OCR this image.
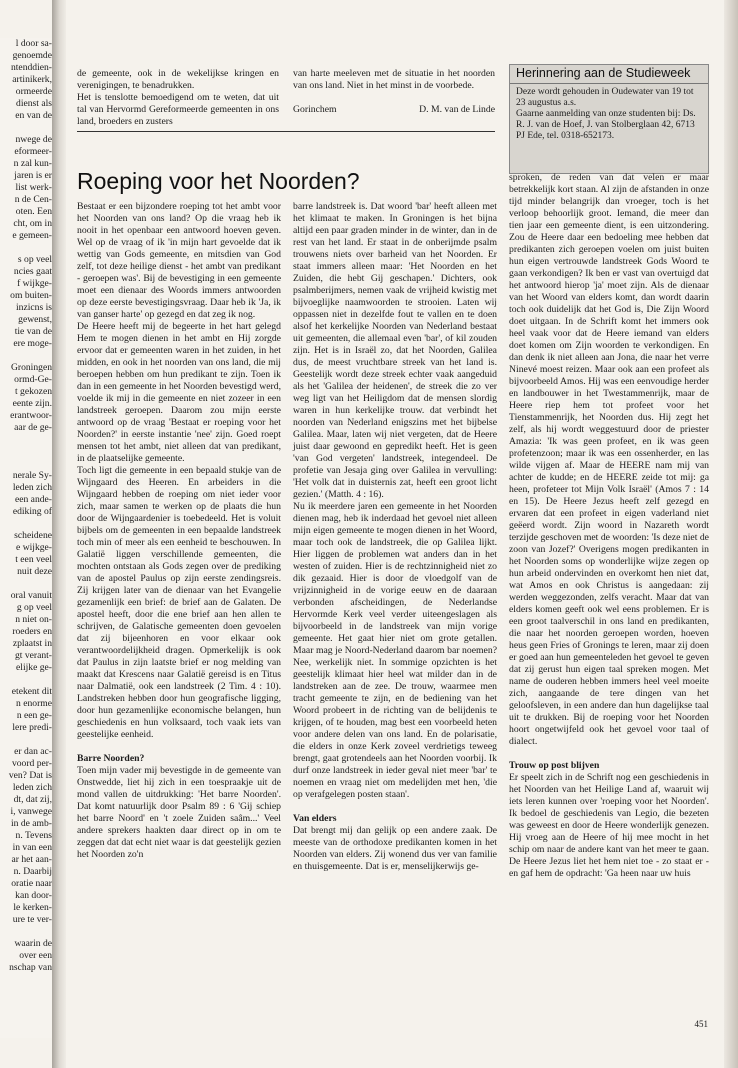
l door sa-

genoemde

ntenddien-

artinikerk,

ormeerde

dienst als

en van de

nwege de

eformeer-

n zal kun-

jaren is er

list werk-

n de Cen-

oten. Een

cht, om in

e gemeen-

s op veel

ncies gaat

f wijkge-

om buiten-

inzicns is

gewenst,

tie van de

ere moge-

Groningen

ormd-Ge-

t gekozen

eente zijn.

erantwoor-

aar de ge-

nerale Sy-

leden zich

een ande-

ediking of

scheidene

e wijkge-

t een veel

nuit deze

oral vanuit

g op veel

n niet on-

roeders en

zplaatst in

gt verant-

elijke ge-

etekent dit

n enorme

n een ge-

lere predi-

er dan ac-

voord per-

ven? Dat is

leden zich

dt, dat zij,

i, vanwege

in de amb-

n. Tevens

in van een

ar het aan-

n. Daarbij

oratie naar

kan door-

le kerken-

ure te ver-

waarin de

over een

nschap van

de gemeente, ook in de wekelijkse kringen en verenigingen, te benadrukken.

Het is tenslotte bemoedigend om te weten, dat uit tal van Hervormd Gereformeerde gemeenten in ons land, broeders en zusters

van harte meeleven met de situatie in het noorden van ons land. Niet in het minst in de voorbede.

Gorinchem	D. M. van de Linde
Herinnering aan de Studieweek

Deze wordt gehouden in Oudewater van 19 tot 23 augustus a.s.

Gaarne aanmelding van onze studenten bij: Ds. R. J. van de Hoef, J. van Stolberglaan 42, 6713 PJ Ede, tel. 0318-652173.

Roeping voor het Noorden?

Bestaat er een bijzondere roeping tot het ambt voor het Noorden van ons land? Op die vraag heb ik nooit in het openbaar een antwoord hoeven geven. Wel op de vraag of ik 'in mijn hart gevoelde dat ik wettig van Gods gemeente, en mitsdien van God zelf, tot deze heilige dienst - het ambt van predikant - geroepen was'. Bij de bevestiging in een gemeente moet een dienaar des Woords immers antwoorden op deze eerste bevestigingsvraag. Daar heb ik 'Ja, ik van ganser harte' op gezegd en dat zeg ik nog.

De Heere heeft mij de begeerte in het hart gelegd Hem te mogen dienen in het ambt en Hij zorgde ervoor dat er gemeenten waren in het zuiden, in het midden, en ook in het noorden van ons land, die mij beroepen hebben om hun predikant te zijn. Toen ik dan in een gemeente in het Noorden bevestigd werd, voelde ik mij in die gemeente en niet zozeer in een landstreek geroepen. Daarom zou mijn eerste antwoord op de vraag 'Bestaat er roeping voor het Noorden?' in eerste instantie 'nee' zijn. Goed roept mensen tot het ambt, niet alleen dat van predikant, in de plaatselijke gemeente.

Toch ligt die gemeente in een bepaald stukje van de Wijngaard des Heeren. En arbeiders in die Wijngaard hebben de roeping om niet ieder voor zich, maar samen te werken op de plaats die hun door de Wijngaardenier is toebedeeld. Het is voluit bijbels om de gemeenten in een bepaalde landstreek toch min of meer als een eenheid te beschouwen. In Galatië liggen verschillende gemeenten, die mochten ontstaan als Gods zegen over de prediking van de apostel Paulus op zijn eerste zendingsreis. Zij krijgen later van de dienaar van het Evangelie gezamenlijk een brief: de brief aan de Galaten. De apostel heeft, door die ene brief aan hen allen te schrijven, de Galatische gemeenten doen gevoelen dat zij bijeenhoren en voor elkaar ook verantwoordelijkheid dragen. Opmerkelijk is ook dat Paulus in zijn laatste brief er nog melding van maakt dat Krescens naar Galatië gereisd is en Titus naar Dalmatië, ook een landstreek (2 Tim. 4 : 10). Landstreken hebben door hun geografische ligging, door hun gezamenlijke economische belangen, hun geschiedenis en hun volksaard, toch vaak iets van geestelijke eenheid.

Barre Noorden?

Toen mijn vader mij bevestigde in de gemeente van Onstwedde, liet hij zich in een toespraakje uit de mond vallen de uitdrukking: 'Het barre Noorden'. Dat komt natuurlijk door Psalm 89 : 6 'Gij schiep het barre Noord' en 't zoele Zuiden saâm...' Veel andere sprekers haakten daar direct op in om te zeggen dat dat echt niet waar is dat geestelijk gezien het Noorden zo'n

barre landstreek is. Dat woord 'bar' heeft alleen met het klimaat te maken. In Groningen is het bijna altijd een paar graden minder in de winter, dan in de rest van het land. Er staat in de onberijmde psalm trouwens niets over barheid van het Noorden. Er staat immers alleen maar: 'Het Noorden en het Zuiden, die hebt Gij geschapen.' Dichters, ook psalmberijmers, nemen vaak de vrijheid kwistig met bijvoeglijke naamwoorden te strooien. Laten wij oppassen niet in dezelfde fout te vallen en te doen alsof het kerkelijke Noorden van Nederland bestaat uit gemeenten, die allemaal even 'bar', of kil zouden zijn. Het is in Israël zo, dat het Noorden, Galilea dus, de meest vruchtbare streek van het land is. Geestelijk wordt deze streek echter vaak aangeduid als het 'Galilea der heidenen', de streek die zo ver weg ligt van het Heiligdom dat de mensen slordig waren in hun kerkelijke trouw. dat verbindt het noorden van Nederland enigszins met het bijbelse Galilea. Maar, laten wij niet vergeten, dat de Heere juist daar gewoond en gepredikt heeft. Het is geen 'van God vergeten' landstreek, integendeel. De profetie van Jesaja ging over Galilea in vervulling: 'Het volk dat in duisternis zat, heeft een groot licht gezien.' (Matth. 4 : 16).

Nu ik meerdere jaren een gemeente in het Noorden dienen mag, heb ik inderdaad het gevoel niet alleen mijn eigen gemeente te mogen dienen in het Woord, maar toch ook de landstreek, die op Galilea lijkt. Hier liggen de problemen wat anders dan in het westen of zuiden. Hier is de rechtzinnigheid niet zo dik gezaaid. Hier is door de vloedgolf van de vrijzinnigheid in de vorige eeuw en de daaraan verbonden afscheidingen, de Nederlandse Hervormde Kerk veel verder uiteengeslagen als bijvoorbeeld in de landstreek van mijn vorige gemeente. Het gaat hier niet om grote getallen. Maar mag je Noord-Nederland daarom bar noemen? Nee, werkelijk niet. In sommige opzichten is het geestelijk klimaat hier heel wat milder dan in de landstreken aan de zee. De trouw, waarmee men tracht gemeente te zijn, en de bediening van het Woord probeert in de richting van de belijdenis te krijgen, of te houden, mag best een voorbeeld heten voor andere delen van ons land. En de polarisatie, die elders in onze Kerk zoveel verdrietigs teweeg brengt, gaat grotendeels aan het Noorden voorbij. Ik durf onze landstreek in ieder geval niet meer 'bar' te noemen en vraag niet om medelijden met hen, 'die op verafgelegen posten staan'.

Van elders

Dat brengt mij dan gelijk op een andere zaak. De meeste van de orthodoxe predikanten komen in het Noorden van elders. Zij wonend dus ver van familie en thuisgemeente. Dat is er, menselijkerwijs ge-

sproken, de reden van dat velen er maar betrekkelijk kort staan. Al zijn de afstanden in onze tijd minder belangrijk dan vroeger, toch is het verloop behoorlijk groot. Iemand, die meer dan tien jaar een gemeente dient, is een uitzondering. Zou de Heere daar een bedoeling mee hebben dat predikanten zich geroepen voelen om juist buiten hun eigen vertrouwde landstreek Gods Woord te gaan verkondigen? Ik ben er vast van overtuigd dat het antwoord hierop 'ja' moet zijn. Als de dienaar van het Woord van elders komt, dan wordt daarin toch ook duidelijk dat het God is, Die Zijn Woord doet uitgaan. In de Schrift komt het immers ook heel vaak voor dat de Heere iemand van elders doet komen om Zijn woorden te verkondigen. En dan denk ik niet alleen aan Jona, die naar het verre Ninevé moest reizen. Maar ook aan een profeet als bijvoorbeeld Amos. Hij was een eenvoudige herder en landbouwer in het Twestammenrijk, maar de Heere riep hem tot profeet voor het Tienstammenrijk, het Noorden dus. Hij zegt het zelf, als hij wordt weggestuurd door de priester Amazia: 'Ik was geen profeet, en ik was geen profetenzoon; maar ik was een ossenherder, en las wilde vijgen af. Maar de HEERE nam mij van achter de kudde; en de HEERE zeide tot mij: ga heen, profeteer tot Mijn Volk Israël' (Amos 7 : 14 en 15). De Heere Jezus heeft zelf gezegd en ervaren dat een profeet in eigen vaderland niet geëerd wordt. Zijn woord in Nazareth wordt terzijde geschoven met de woorden: 'Is deze niet de zoon van Jozef?' Overigens mogen predikanten in het Noorden soms op wonderlijke wijze zegen op hun arbeid ondervinden en overkomt hen niet dat, wat Amos en ook Christus is aangedaan: zij werden weggezonden, zelfs veracht. Maar dat van elders komen geeft ook wel eens problemen. Er is een groot taalverschil in ons land en predikanten, die naar het noorden geroepen worden, hoeven heus geen Fries of Gronings te leren, maar zij doen er goed aan hun gemeenteleden het gevoel te geven dat zij gerust hun eigen taal spreken mogen. Met name de ouderen hebben immers heel veel moeite zich, aangaande de tere dingen van het geloofsleven, in een andere dan hun dagelijkse taal uit te drukken. Bij de roeping voor het Noorden hoort ongetwijfeld ook het gevoel voor taal of dialect.

Trouw op post blijven

Er speelt zich in de Schrift nog een geschiedenis in het Noorden van het Heilige Land af, waaruit wij iets leren kunnen over 'roeping voor het Noorden'. Ik bedoel de geschiedenis van Legio, die bezeten was geweest en door de Heere wonderlijk genezen. Hij vroeg aan de Heere of hij mee mocht in het schip om naar de andere kant van het meer te gaan. De Heere Jezus liet het hem niet toe - zo staat er - en gaf hem de opdracht: 'Ga heen naar uw huis

451
